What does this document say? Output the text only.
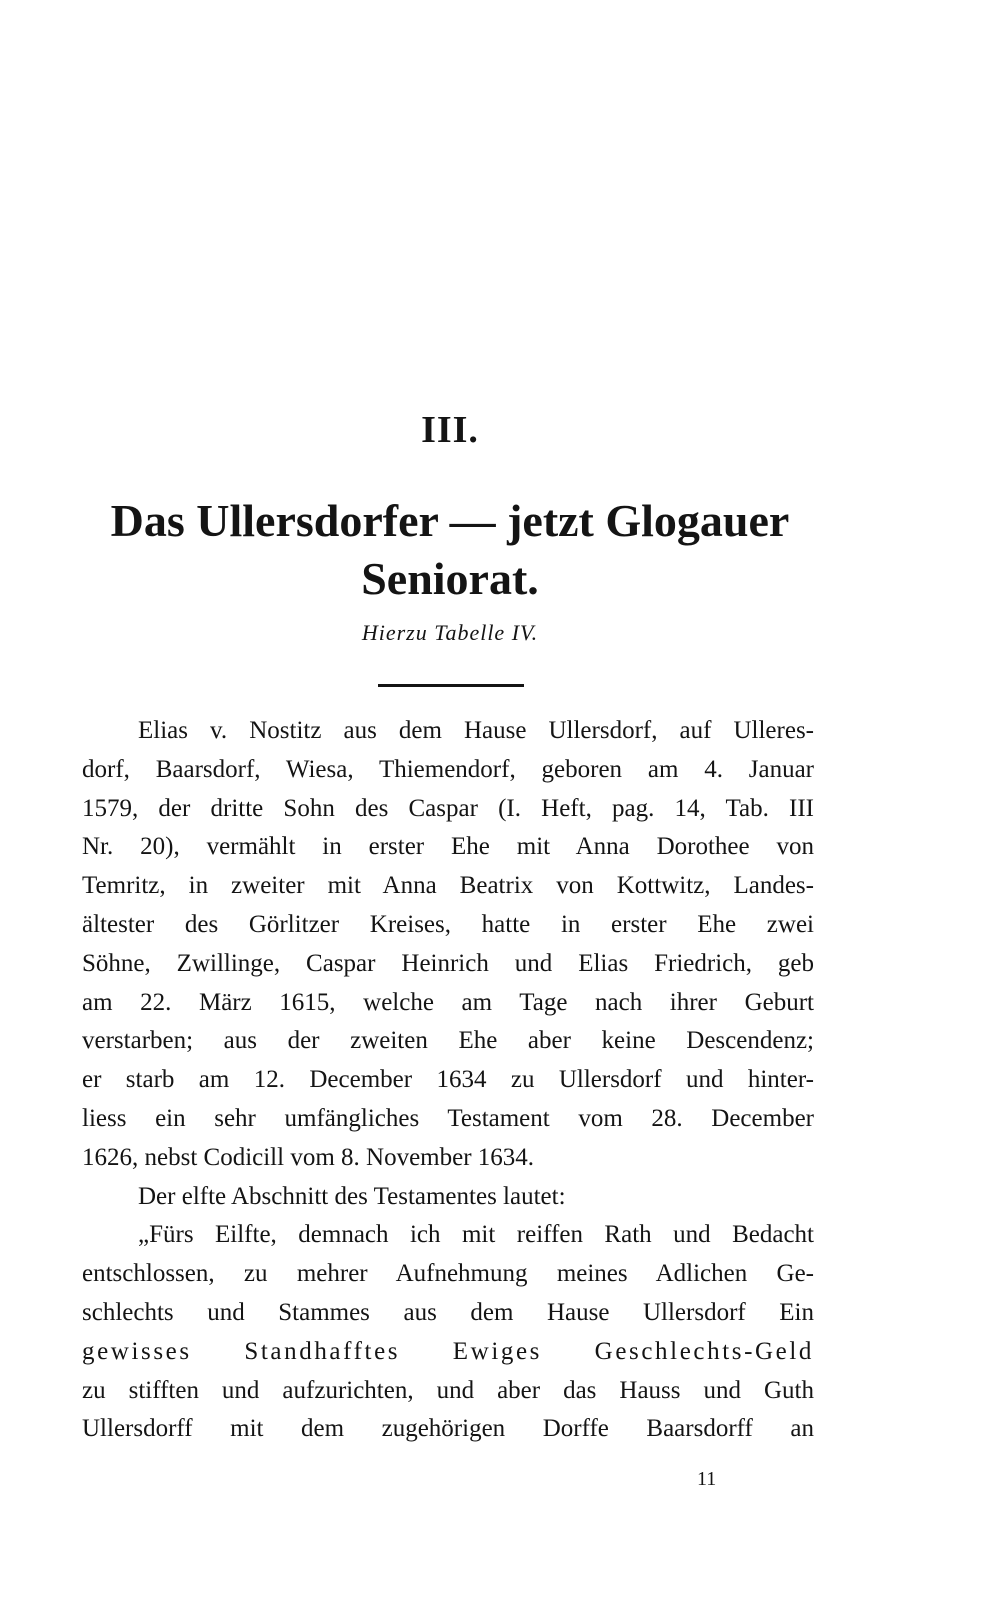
III.
Das Ullersdorfer — jetzt Glogauer
Seniorat.
Hierzu Tabelle IV.
Elias v. Nostitz aus dem Hause Ullersdorf, auf Ulleres-
dorf, Baarsdorf, Wiesa, Thiemendorf, geboren am 4. Januar
1579, der dritte Sohn des Caspar (I. Heft, pag. 14, Tab. III
Nr. 20), vermählt in erster Ehe mit Anna Dorothee von
Temritz, in zweiter mit Anna Beatrix von Kottwitz, Landes-
ältester des Görlitzer Kreises, hatte in erster Ehe zwei
Söhne, Zwillinge, Caspar Heinrich und Elias Friedrich, geb
am 22. März 1615, welche am Tage nach ihrer Geburt
verstarben; aus der zweiten Ehe aber keine Descendenz;
er starb am 12. December 1634 zu Ullersdorf und hinter-
liess ein sehr umfängliches Testament vom 28. December
1626, nebst Codicill vom 8. November 1634.
Der elfte Abschnitt des Testamentes lautet:
„Fürs Eilfte, demnach ich mit reiffen Rath und Bedacht
entschlossen, zu mehrer Aufnehmung meines Adlichen Ge-
schlechts und Stammes aus dem Hause Ullersdorf Ein
gewisses Standhafftes Ewiges Geschlechts-Geld
zu stifften und aufzurichten, und aber das Hauss und Guth
Ullersdorff mit dem zugehörigen Dorffe Baarsdorff an
11
